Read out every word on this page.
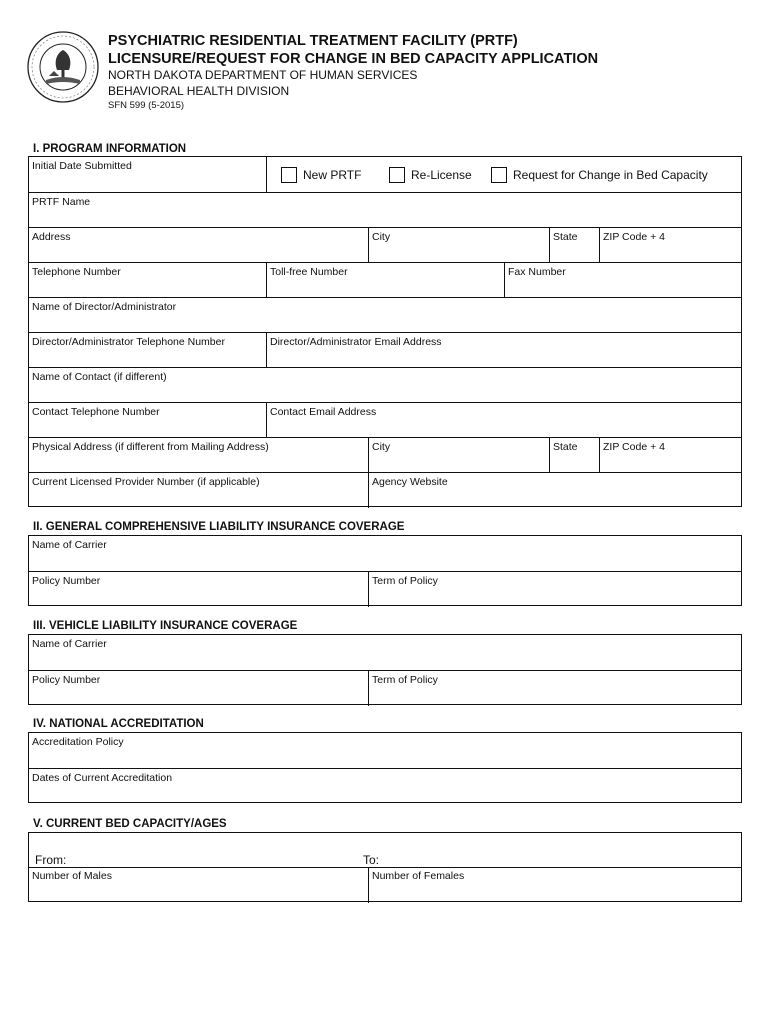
PSYCHIATRIC RESIDENTIAL TREATMENT FACILITY (PRTF)
LICENSURE/REQUEST FOR CHANGE IN BED CAPACITY APPLICATION
NORTH DAKOTA DEPARTMENT OF HUMAN SERVICES
BEHAVIORAL HEALTH DIVISION
SFN 599 (5-2015)
I. PROGRAM INFORMATION
Initial Date Submitted
New PRTF	Re-License	Request for Change in Bed Capacity
PRTF Name
Address	City	State ZIP Code + 4
Telephone Number	Toll-free Number	Fax Number
Name of Director/Administrator
Director/Administrator Telephone Number	Director/Administrator Email Address
Name of Contact (if different)
Contact Telephone Number	Contact Email Address
Physical Address (if different from Mailing Address)	City	State ZIP Code + 4
Current Licensed Provider Number (if applicable)	Agency Website
II. GENERAL COMPREHENSIVE LIABILITY INSURANCE COVERAGE
Name of Carrier
Policy Number	Term of Policy
III. VEHICLE LIABILITY INSURANCE COVERAGE
Name of Carrier
Policy Number	Term of Policy
IV. NATIONAL ACCREDITATION
Accreditation Policy
Dates of Current Accreditation
V. CURRENT BED CAPACITY/AGES
From:	To:
Number of Males	Number of Females
